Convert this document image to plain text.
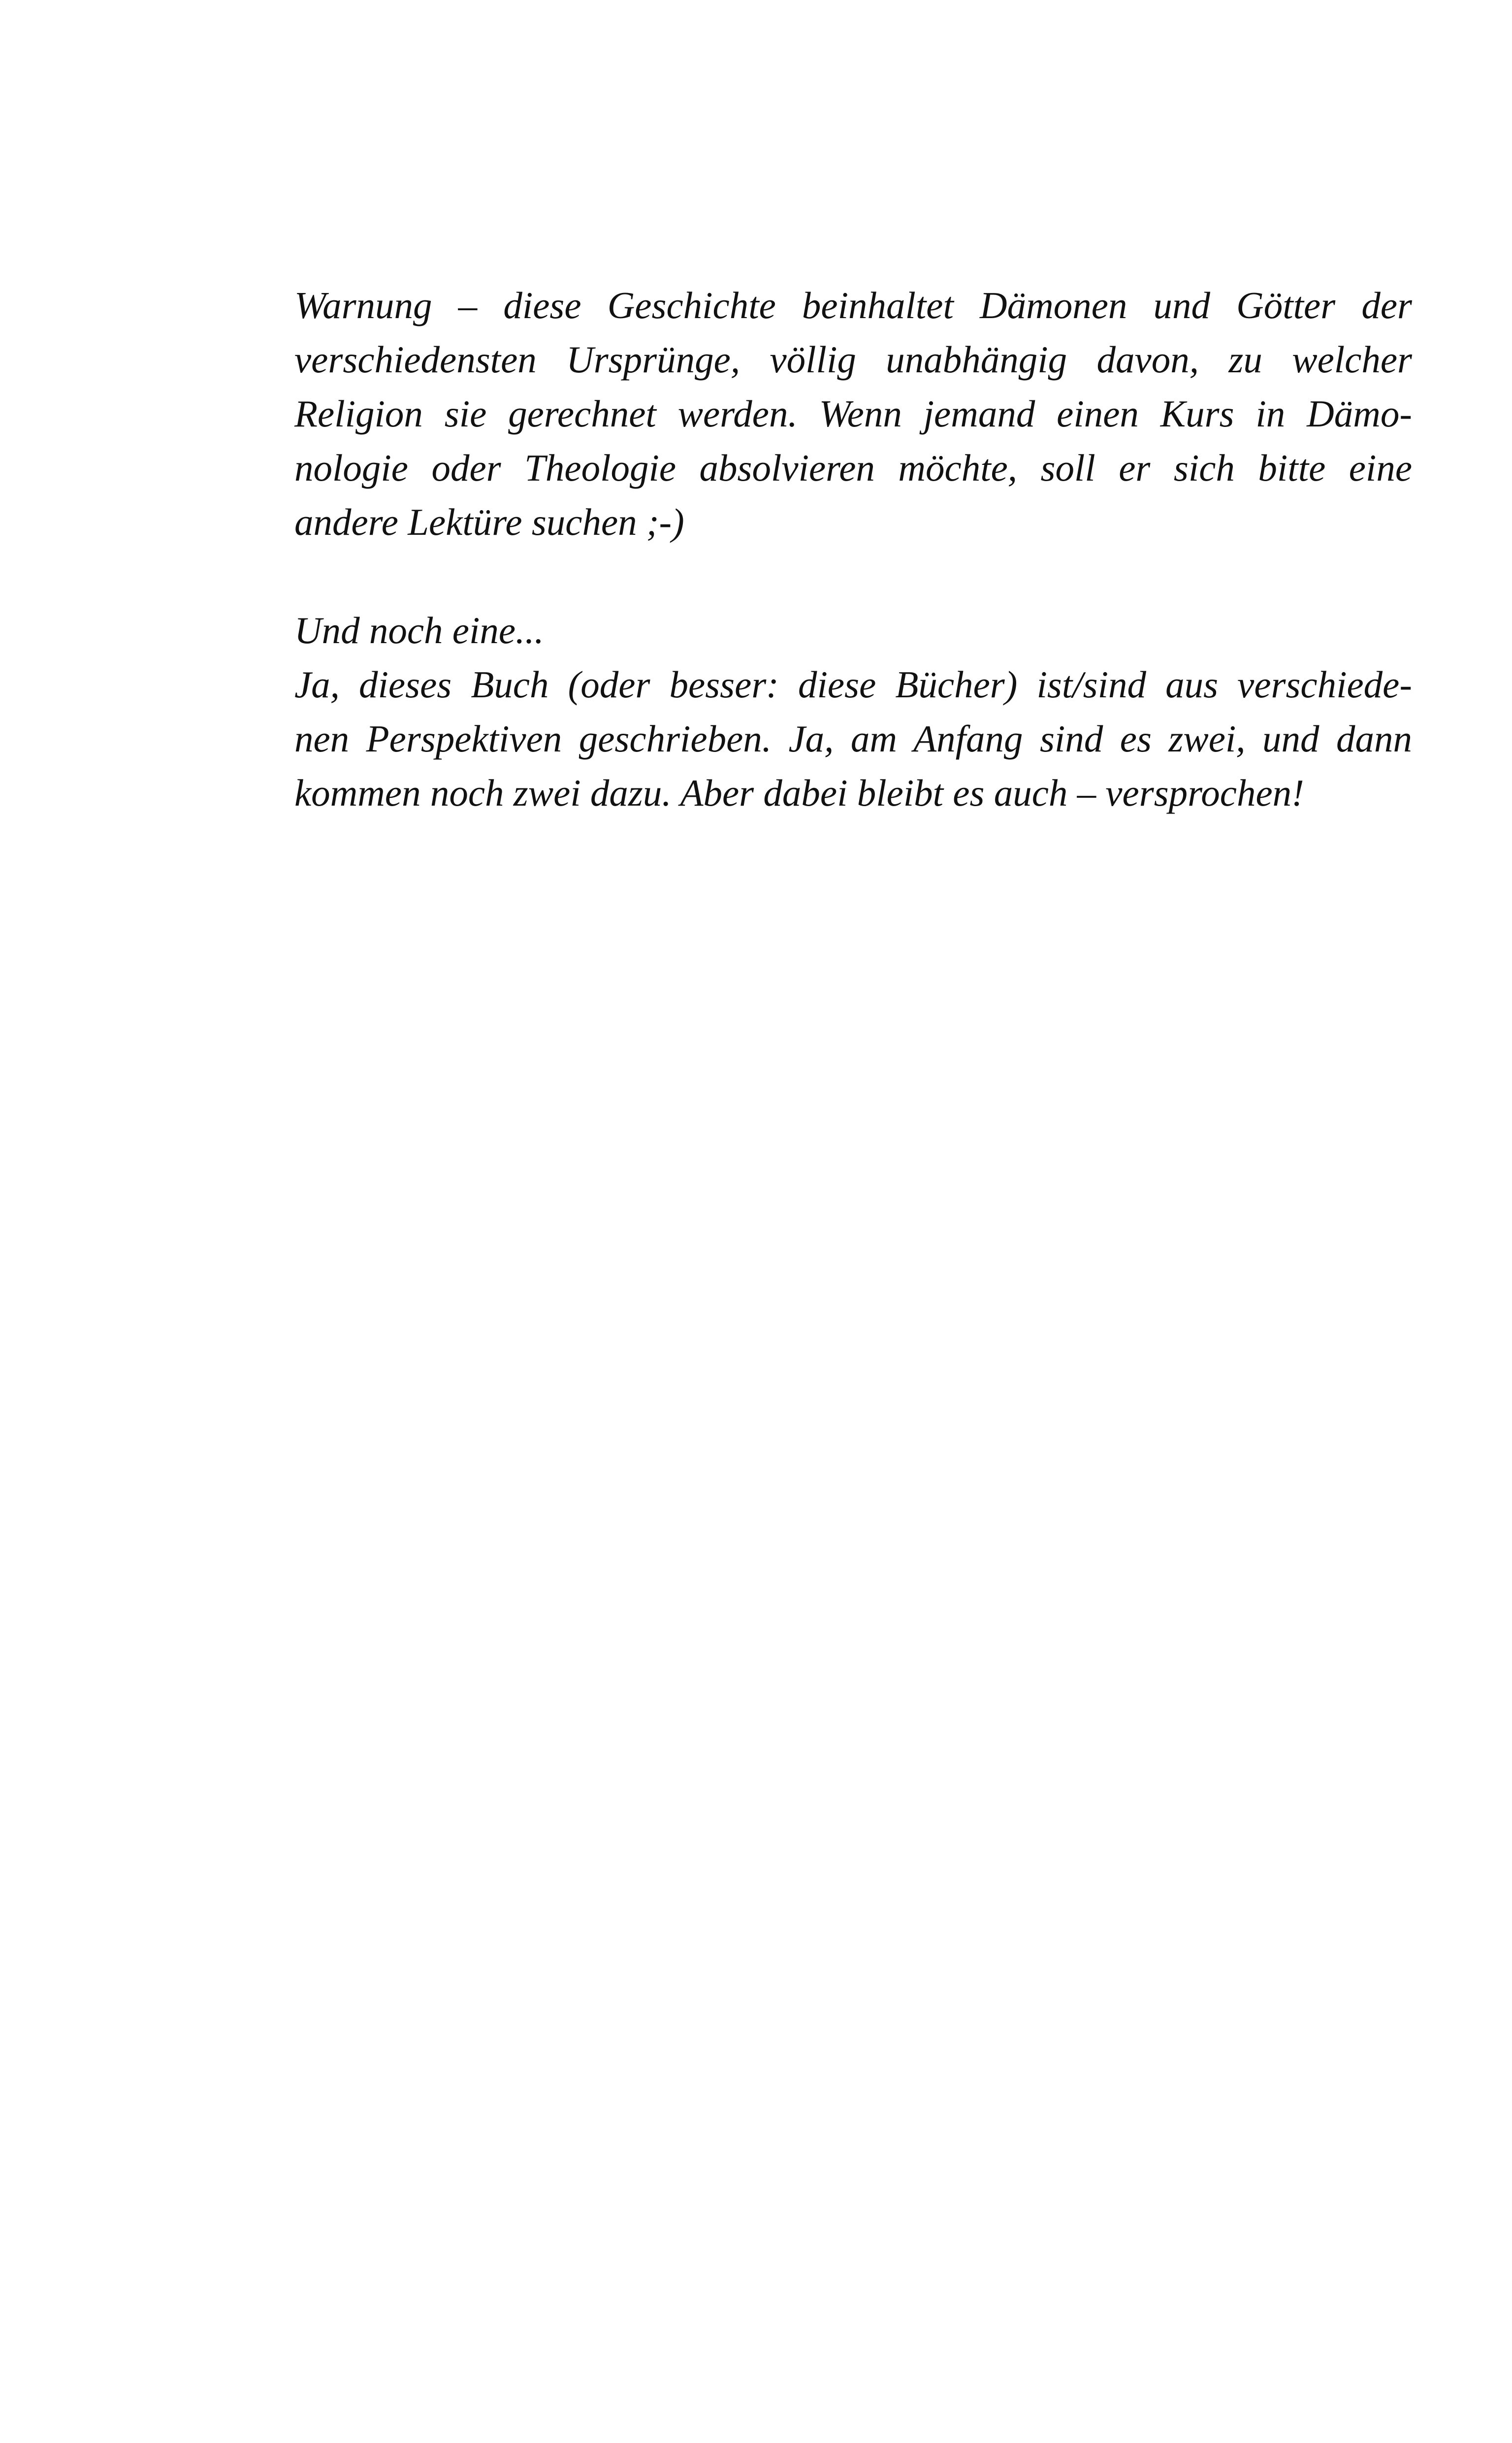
Warnung – diese Geschichte beinhaltet Dämonen und Götter der
verschiedensten Ursprünge, völlig unabhängig davon, zu welcher
Religion sie gerechnet werden. Wenn jemand einen Kurs in Dämo-
nologie oder Theologie absolvieren möchte, soll er sich bitte eine
andere Lektüre suchen ;-)
Und noch eine...
Ja, dieses Buch (oder besser: diese Bücher) ist/sind aus verschiede-
nen Perspektiven geschrieben. Ja, am Anfang sind es zwei, und dann
kommen noch zwei dazu. Aber dabei bleibt es auch – versprochen!
